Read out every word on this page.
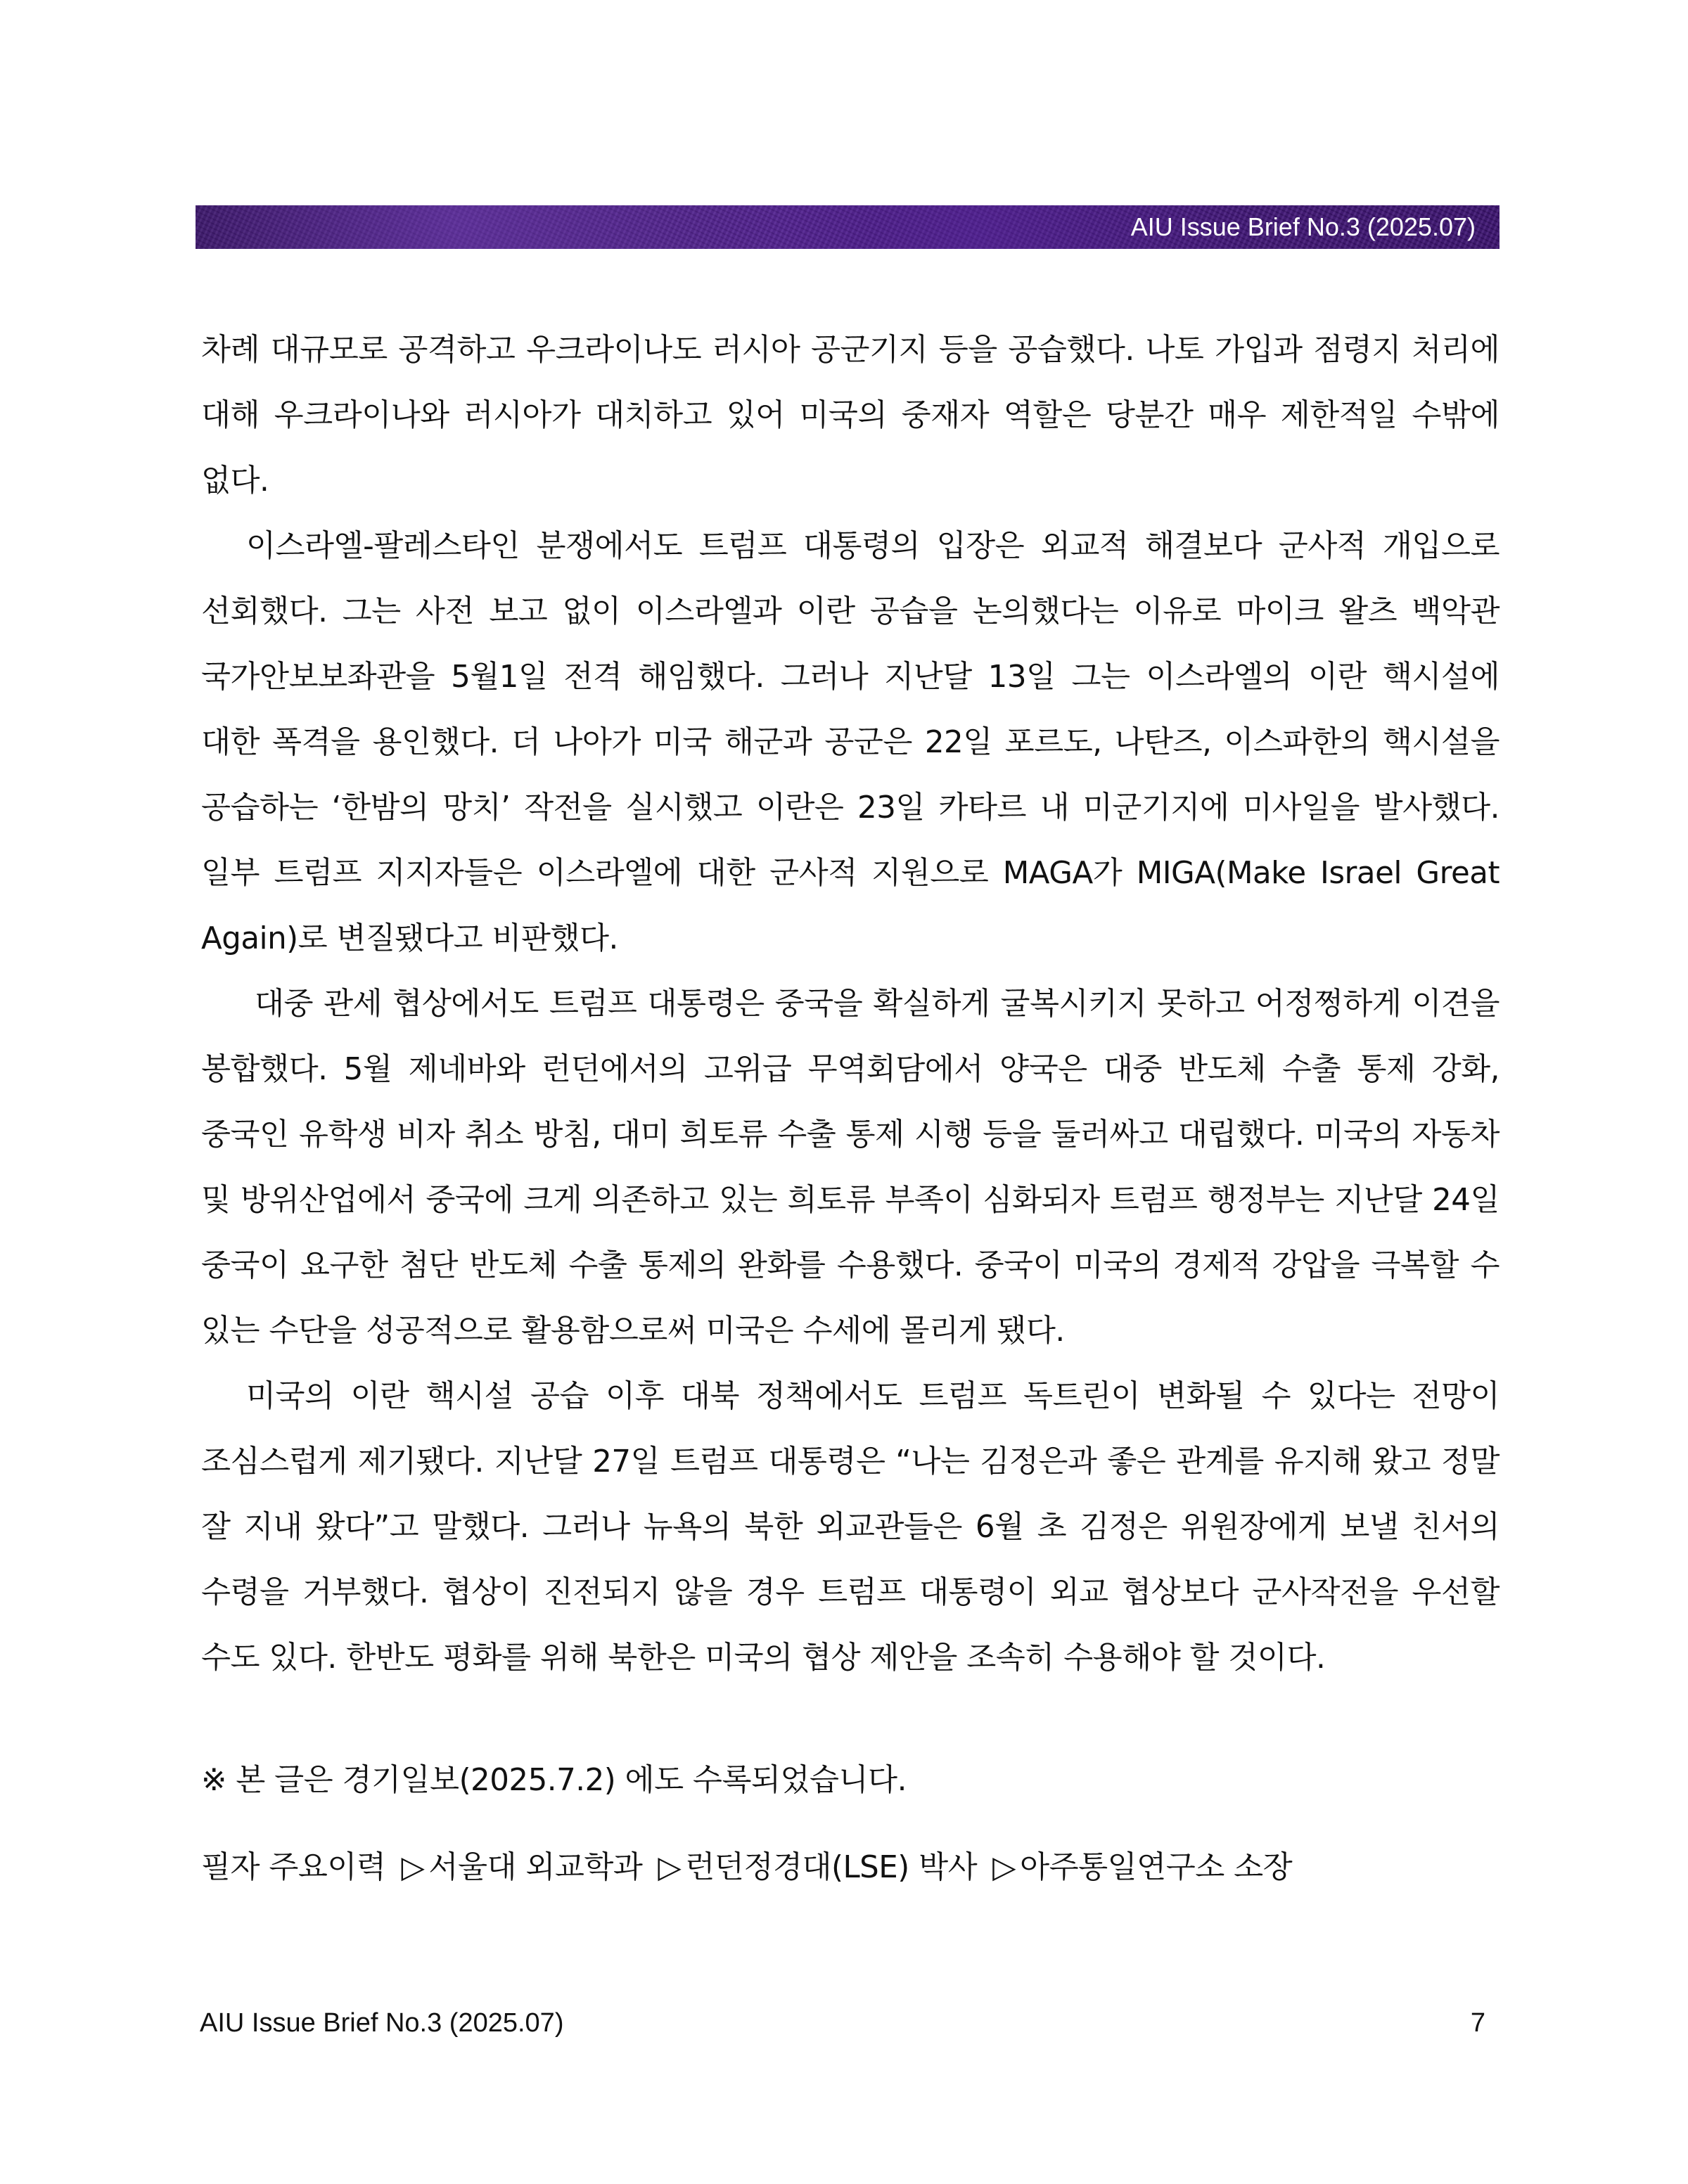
AIU Issue Brief No.3 (2025.07)

차례 대규모로 공격하고 우크라이나도 러시아 공군기지 등을 공습했다. 나토 가입과 점령지 처리에 대해 우크라이나와 러시아가 대치하고 있어 미국의 중재자 역할은 당분간 매우 제한적일 수밖에 없다.

이스라엘-팔레스타인 분쟁에서도 트럼프 대통령의 입장은 외교적 해결보다 군사적 개입으로 선회했다. 그는 사전 보고 없이 이스라엘과 이란 공습을 논의했다는 이유로 마이크 왈츠 백악관 국가안보보좌관을 5월1일 전격 해임했다. 그러나 지난달 13일 그는 이스라엘의 이란 핵시설에 대한 폭격을 용인했다. 더 나아가 미국 해군과 공군은 22일 포르도, 나탄즈, 이스파한의 핵시설을 공습하는 ‘한밤의 망치’ 작전을 실시했고 이란은 23일 카타르 내 미군기지에 미사일을 발사했다. 일부 트럼프 지지자들은 이스라엘에 대한 군사적 지원으로 MAGA가 MIGA(Make Israel Great Again)로 변질됐다고 비판했다.

대중 관세 협상에서도 트럼프 대통령은 중국을 확실하게 굴복시키지 못하고 어정쩡하게 이견을 봉합했다. 5월 제네바와 런던에서의 고위급 무역회담에서 양국은 대중 반도체 수출 통제 강화, 중국인 유학생 비자 취소 방침, 대미 희토류 수출 통제 시행 등을 둘러싸고 대립했다. 미국의 자동차 및 방위산업에서 중국에 크게 의존하고 있는 희토류 부족이 심화되자 트럼프 행정부는 지난달 24일 중국이 요구한 첨단 반도체 수출 통제의 완화를 수용했다. 중국이 미국의 경제적 강압을 극복할 수 있는 수단을 성공적으로 활용함으로써 미국은 수세에 몰리게 됐다.

미국의 이란 핵시설 공습 이후 대북 정책에서도 트럼프 독트린이 변화될 수 있다는 전망이 조심스럽게 제기됐다. 지난달 27일 트럼프 대통령은 “나는 김정은과 좋은 관계를 유지해 왔고 정말 잘 지내 왔다”고 말했다. 그러나 뉴욕의 북한 외교관들은 6월 초 김정은 위원장에게 보낼 친서의 수령을 거부했다. 협상이 진전되지 않을 경우 트럼프 대통령이 외교 협상보다 군사작전을 우선할 수도 있다. 한반도 평화를 위해 북한은 미국의 협상 제안을 조속히 수용해야 할 것이다.

※ 본 글은 경기일보(2025.7.2) 에도 수록되었습니다.
필자 주요이력 ▷ 서울대 외교학과 ▷ 런던정경대(LSE) 박사 ▷ 아주통일연구소 소장
AIU Issue Brief No.3 (2025.07)	7
